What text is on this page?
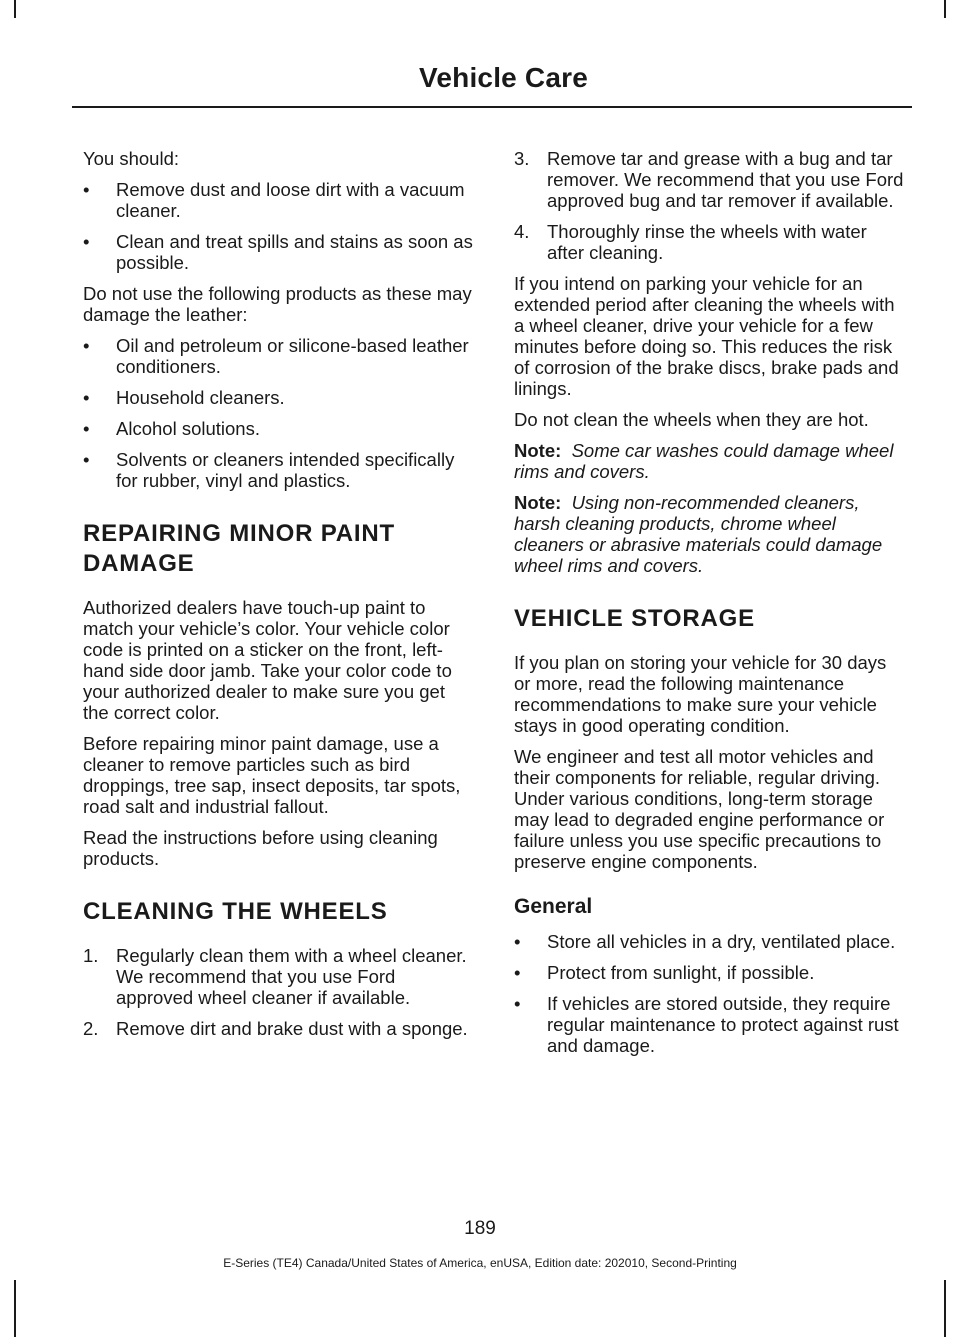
Vehicle Care

You should:

• Remove dust and loose dirt with a vacuum cleaner.
• Clean and treat spills and stains as soon as possible.

Do not use the following products as these may damage the leather:

• Oil and petroleum or silicone-based leather conditioners.
• Household cleaners.
• Alcohol solutions.
• Solvents or cleaners intended specifically for rubber, vinyl and plastics.
REPAIRING MINOR PAINT
DAMAGE

Authorized dealers have touch-up paint to match your vehicle’s color. Your vehicle color code is printed on a sticker on the front, left-hand side door jamb. Take your color code to your authorized dealer to make sure you get the correct color.

Before repairing minor paint damage, use a cleaner to remove particles such as bird droppings, tree sap, insect deposits, tar spots, road salt and industrial fallout.

Read the instructions before using cleaning products.

CLEANING THE WHEELS
1. Regularly clean them with a wheel cleaner. We recommend that you use Ford approved wheel cleaner if available.
2. Remove dirt and brake dust with a sponge.
3. Remove tar and grease with a bug and tar remover. We recommend that you use Ford approved bug and tar remover if available.
4. Thoroughly rinse the wheels with water after cleaning.

If you intend on parking your vehicle for an extended period after cleaning the wheels with a wheel cleaner, drive your vehicle for a few minutes before doing so. This reduces the risk of corrosion of the brake discs, brake pads and linings.

Do not clean the wheels when they are hot.

Note: Some car washes could damage wheel rims and covers.

Note: Using non-recommended cleaners, harsh cleaning products, chrome wheel cleaners or abrasive materials could damage wheel rims and covers.

VEHICLE STORAGE

If you plan on storing your vehicle for 30 days or more, read the following maintenance recommendations to make sure your vehicle stays in good operating condition.

We engineer and test all motor vehicles and their components for reliable, regular driving. Under various conditions, long-term storage may lead to degraded engine performance or failure unless you use specific precautions to preserve engine components.

General
• Store all vehicles in a dry, ventilated place.
• Protect from sunlight, if possible.
• If vehicles are stored outside, they require regular maintenance to protect against rust and damage.
189
E-Series (TE4) Canada/United States of America, enUSA, Edition date: 202010, Second-Printing
